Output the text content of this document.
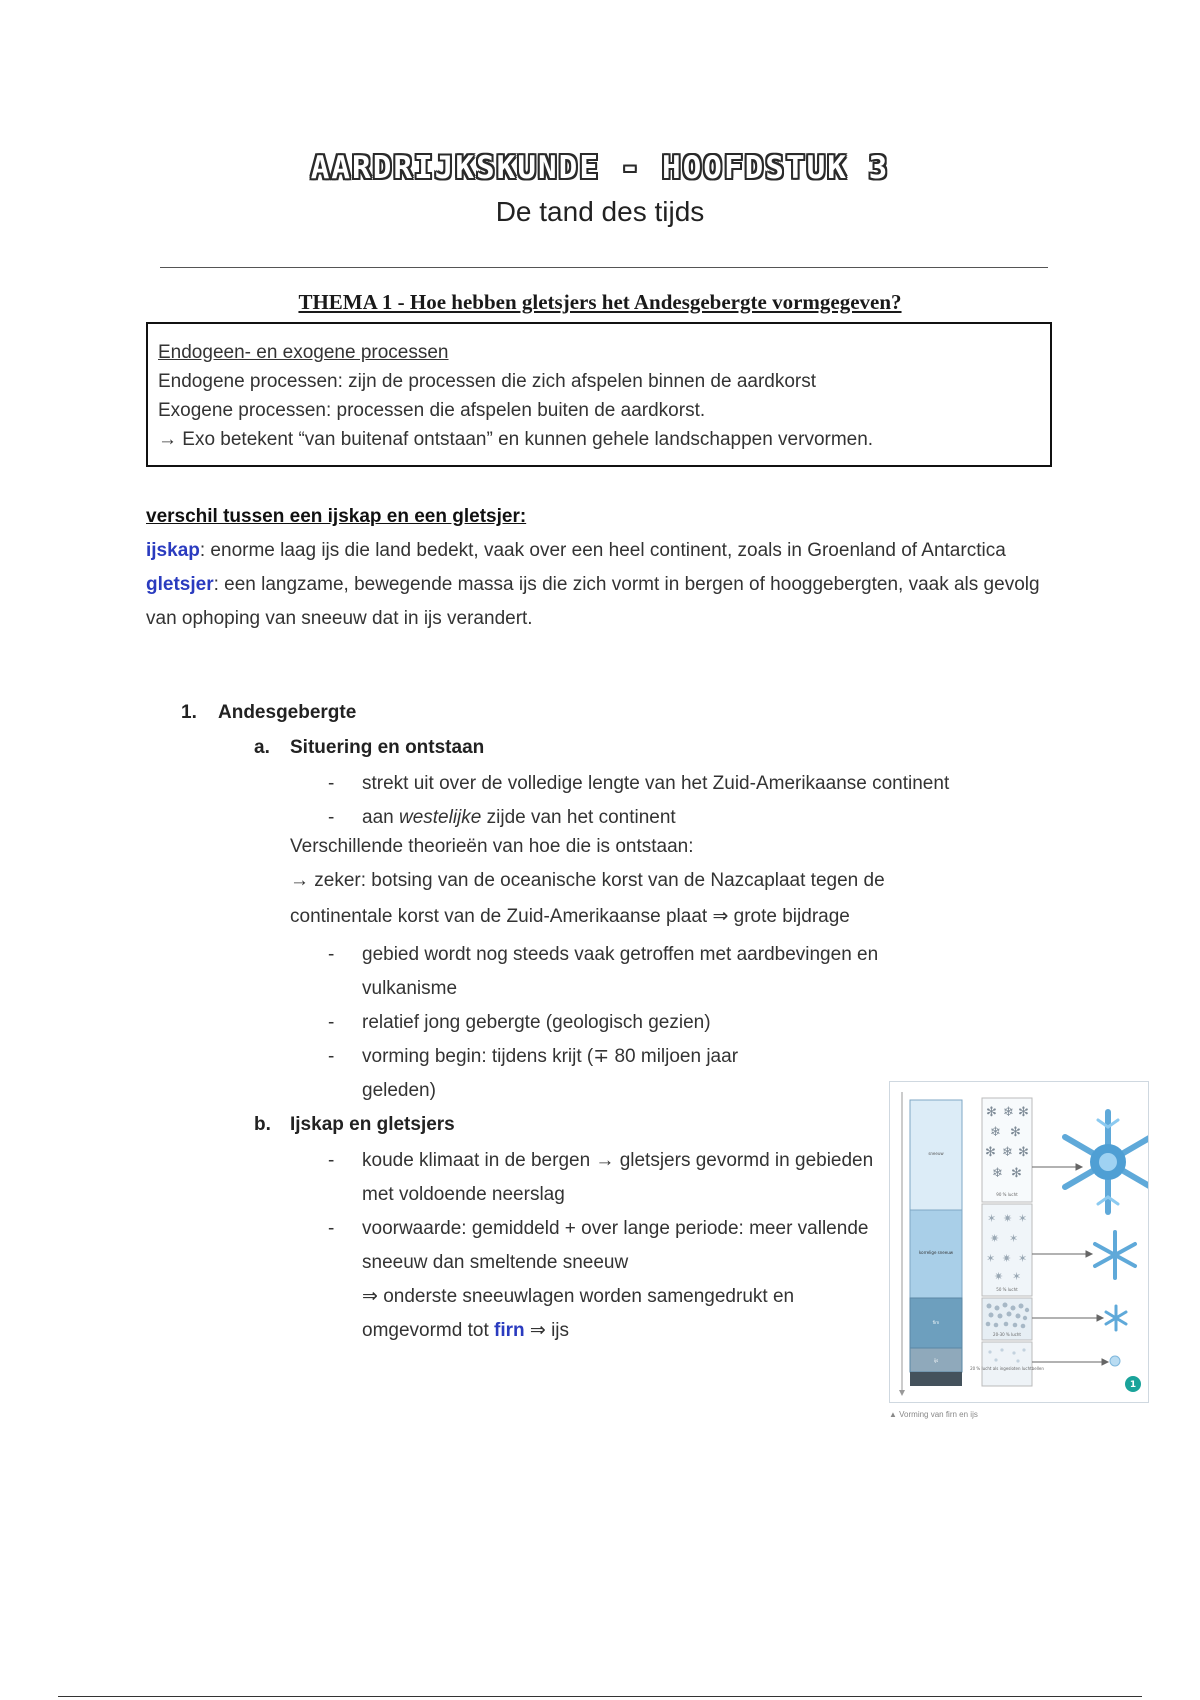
AARDRIJKSKUNDE - HOOFDSTUK 3
De tand des tijds
THEMA 1 - Hoe hebben gletsjers het Andesgebergte vormgegeven?
Endogeen- en exogene processen
Endogene processen: zijn de processen die zich afspelen binnen de aardkorst
Exogene processen: processen die afspelen buiten de aardkorst.
→ Exo betekent “van buitenaf ontstaan” en kunnen gehele landschappen vervormen.
verschil tussen een ijskap en een gletsjer:
ijskap: enorme laag ijs die land bedekt, vaak over een heel continent, zoals in Groenland of Antarctica
gletsjer: een langzame, bewegende massa ijs die zich vormt in bergen of hooggebergten, vaak als gevolg van ophoping van sneeuw dat in ijs verandert.
1. Andesgebergte
a. Situering en ontstaan
- strekt uit over de volledige lengte van het Zuid-Amerikaanse continent
- aan westelijke zijde van het continent
Verschillende theorieën van hoe die is ontstaan:
→ zeker: botsing van de oceanische korst van de Nazcaplaat tegen de
continentale korst van de Zuid-Amerikaanse plaat ⇒ grote bijdrage
- gebied wordt nog steeds vaak getroffen met aardbevingen en vulkanisme
- relatief jong gebergte (geologisch gezien)
- vorming begin: tijdens krijt (∓ 80 miljoen jaar geleden)
b. Ijskap en gletsjers
- koude klimaat in de bergen → gletsjers gevormd in gebieden met voldoende neerslag
- voorwaarde: gemiddeld + over lange periode: meer vallende sneeuw dan smeltende sneeuw
⇒ onderste sneeuwlagen worden samengedrukt en omgevormd tot firn ⇒ ijs
sneeuw
korrelige sneeuw
firn
ijs
✻ ❄ ✻
❄ ✻
✻ ❄ ✻
❄ ✻
90 % lucht
✶ ✷ ✶
✷ ✶
✶ ✷ ✶
✷ ✶
50 % lucht
20-30 % lucht
20 % lucht als ingesloten luchtbellen
1
▲ Vorming van firn en ijs
